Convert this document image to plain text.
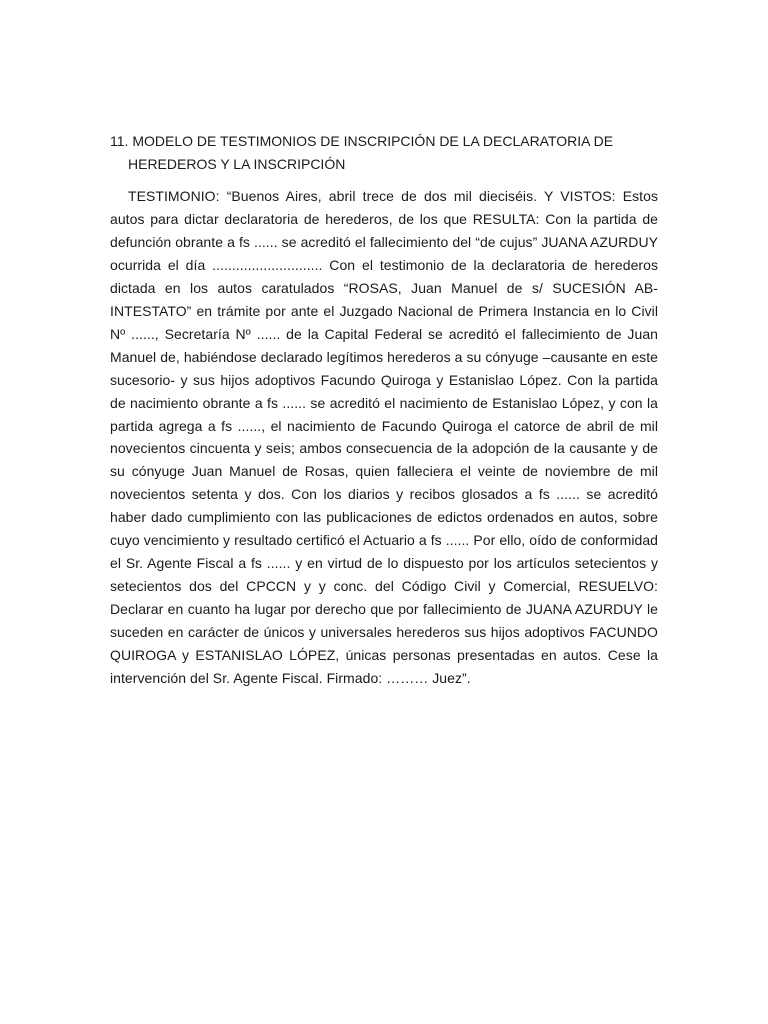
11. MODELO DE TESTIMONIOS DE INSCRIPCIÓN DE LA DECLARATORIA DE
HEREDEROS Y LA INSCRIPCIÓN

TESTIMONIO: “Buenos Aires, abril trece de dos mil dieciséis. Y VISTOS: Estos autos para dictar declaratoria de herederos, de los que RESULTA: Con la partida de defunción obrante a fs ...... se acreditó el fallecimiento del “de cujus” JUANA AZURDUY ocurrida el día ............................ Con el testimonio de la declaratoria de herederos dictada en los autos caratulados “ROSAS, Juan Manuel de s/ SUCESIÓN AB-INTESTATO” en trámite por ante el Juzgado Nacional de Primera Instancia en lo Civil Nº ......, Secretaría Nº ...... de la Capital Federal se acreditó el fallecimiento de Juan Manuel de, habiéndose declarado legítimos herederos a su cónyuge –causante en este sucesorio- y sus hijos adoptivos Facundo Quiroga y Estanislao López. Con la partida de nacimiento obrante a fs ...... se acreditó el nacimiento de Estanislao López, y con la partida agrega a fs ......, el nacimiento de Facundo Quiroga el catorce de abril de mil novecientos cincuenta y seis; ambos consecuencia de la adopción de la causante y de su cónyuge Juan Manuel de Rosas, quien falleciera el veinte de noviembre de mil novecientos setenta y dos. Con los diarios y recibos glosados a fs ...... se acreditó haber dado cumplimiento con las publicaciones de edictos ordenados en autos, sobre cuyo vencimiento y resultado certificó el Actuario a fs ...... Por ello, oído de conformidad el Sr. Agente Fiscal a fs ...... y en virtud de lo dispuesto por los artículos setecientos y setecientos dos del CPCCN y y conc. del Código Civil y Comercial, RESUELVO: Declarar en cuanto ha lugar por derecho que por fallecimiento de JUANA AZURDUY le suceden en carácter de únicos y universales herederos sus hijos adoptivos FACUNDO QUIROGA y ESTANISLAO LÓPEZ, únicas personas presentadas en autos. Cese la intervención del Sr. Agente Fiscal. Firmado: ……… Juez”.
